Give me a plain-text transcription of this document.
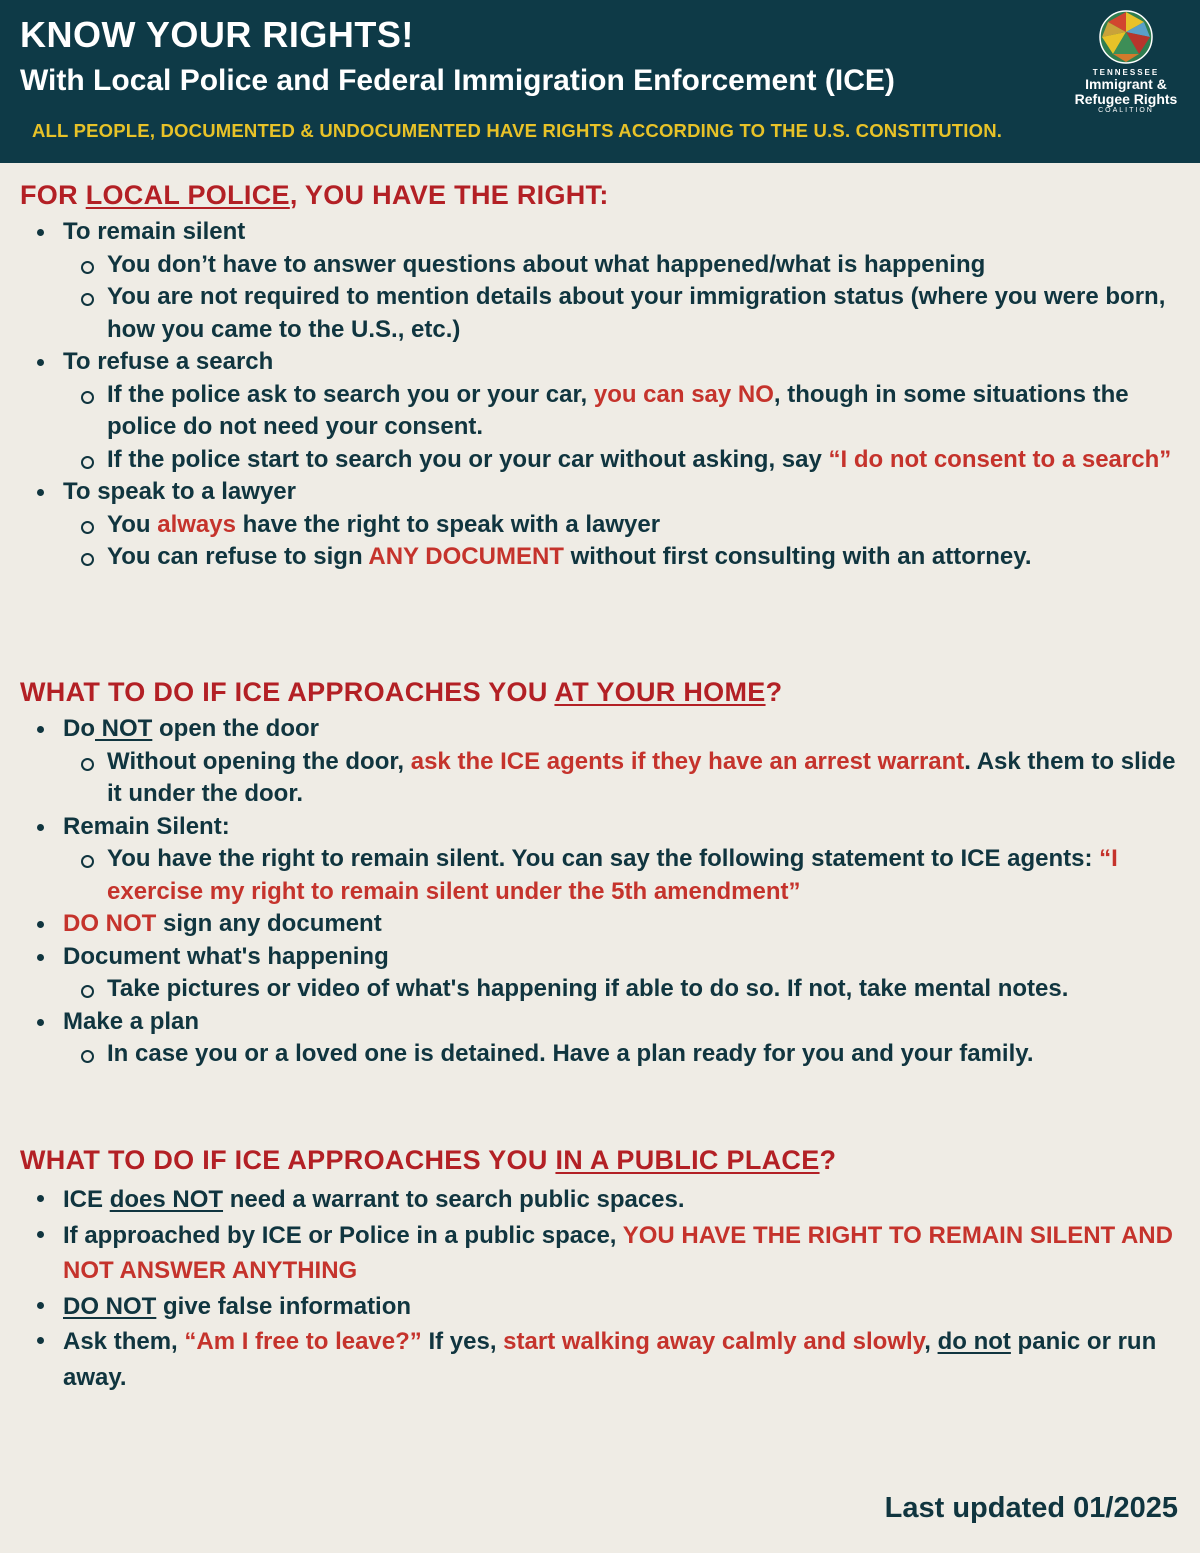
KNOW YOUR RIGHTS!
With Local Police and Federal Immigration Enforcement (ICE)
ALL PEOPLE, DOCUMENTED & UNDOCUMENTED HAVE RIGHTS ACCORDING TO THE U.S. CONSTITUTION.
TENNESSEE
Immigrant &
Refugee Rights
COALITION
FOR LOCAL POLICE, YOU HAVE THE RIGHT:
To remain silent
You don’t have to answer questions about what happened/what is happening
You are not required to mention details about your immigration status (where you were born, how you came to the U.S., etc.)
To refuse a search
If the police ask to search you or your car, you can say NO, though in some situations the police do not need your consent.
If the police start to search you or your car without asking, say “I do not consent to a search”
To speak to a lawyer
You always have the right to speak with a lawyer
You can refuse to sign ANY DOCUMENT without first consulting with an attorney.
WHAT TO DO IF ICE APPROACHES YOU AT YOUR HOME?
Do NOT open the door
Without opening the door, ask the ICE agents if they have an arrest warrant. Ask them to slide it under the door.
Remain Silent:
You have the right to remain silent. You can say the following statement to ICE agents: “I exercise my right to remain silent under the 5th amendment”
DO NOT sign any document
Document what's happening
Take pictures or video of what's happening if able to do so. If not, take mental notes.
Make a plan
In case you or a loved one is detained. Have a plan ready for you and your family.
WHAT TO DO IF ICE APPROACHES YOU IN A PUBLIC PLACE?
ICE does NOT need a warrant to search public spaces.
If approached by ICE or Police in a public space, YOU HAVE THE RIGHT TO REMAIN SILENT AND NOT ANSWER ANYTHING
DO NOT give false information
Ask them, “Am I free to leave?” If yes, start walking away calmly and slowly, do not panic or run away.
Last updated 01/2025
